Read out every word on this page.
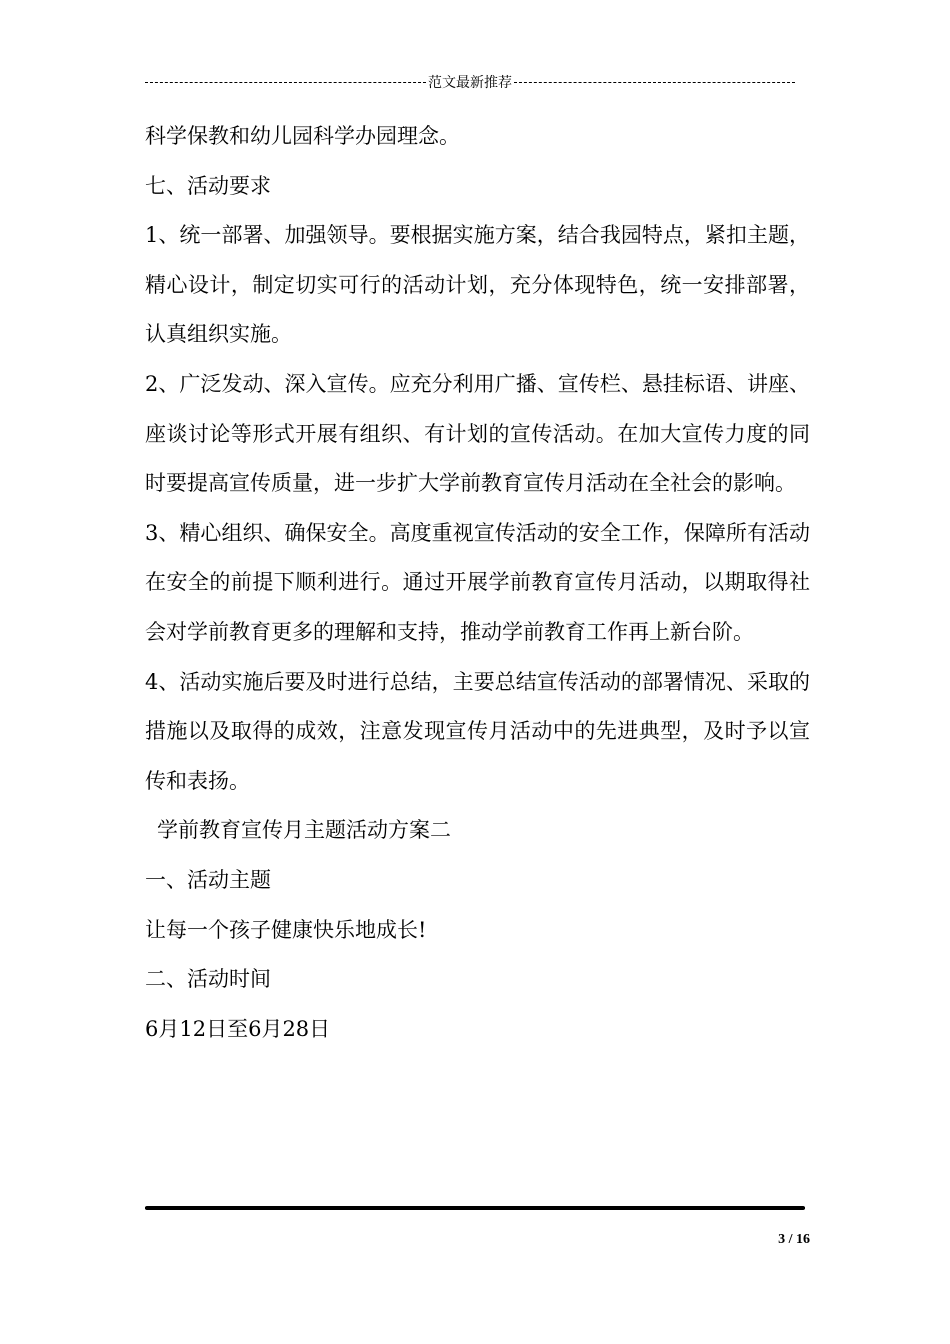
范文最新推荐

科学保教和幼儿园科学办园理念。

七、活动要求

1、统一部署、加强领导。要根据实施方案，结合我园特点，紧扣主题，精心设计，制定切实可行的活动计划，充分体现特色，统一安排部署，认真组织实施。

2、广泛发动、深入宣传。应充分利用广播、宣传栏、悬挂标语、讲座、座谈讨论等形式开展有组织、有计划的宣传活动。在加大宣传力度的同时要提高宣传质量，进一步扩大学前教育宣传月活动在全社会的影响。

3、精心组织、确保安全。高度重视宣传活动的安全工作，保障所有活动在安全的前提下顺利进行。通过开展学前教育宣传月活动，以期取得社会对学前教育更多的理解和支持，推动学前教育工作再上新台阶。

4、活动实施后要及时进行总结，主要总结宣传活动的部署情况、采取的措施以及取得的成效，注意发现宣传月活动中的先进典型，及时予以宣传和表扬。

学前教育宣传月主题活动方案二

一、活动主题

让每一个孩子健康快乐地成长!

二、活动时间

6月12日至6月28日

3 / 16
